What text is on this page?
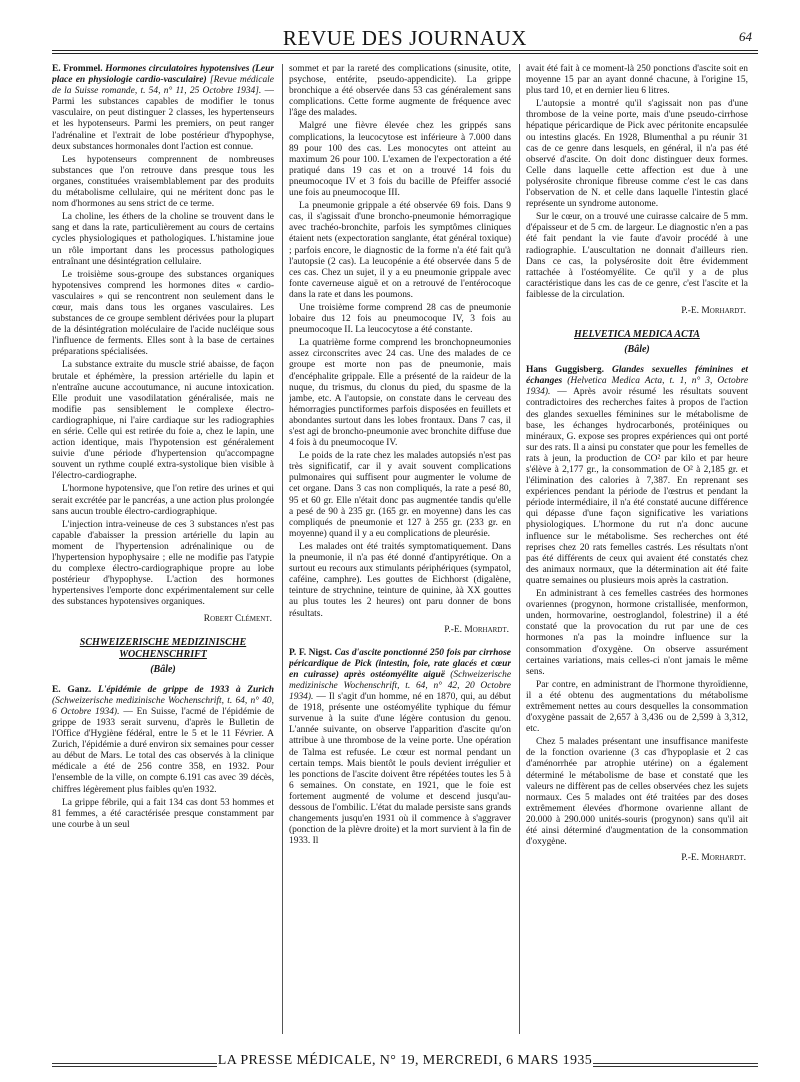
REVUE DES JOURNAUX	64

E. Frommel. Hormones circulatoires hypotensives (Leur place en physiologie cardio-vasculaire) [Revue médicale de la Suisse romande, t. 54, n° 11, 25 Octobre 1934]. — Parmi les substances capables de modifier le tonus vasculaire, on peut distinguer 2 classes, les hypertenseurs et les hypotenseurs. Parmi les premiers, on peut ranger l'adrénaline et l'extrait de lobe postérieur d'hypophyse, deux substances hormonales dont l'action est connue.

Les hypotenseurs comprennent de nombreuses substances que l'on retrouve dans presque tous les organes, constituées vraisemblablement par des produits du métabolisme cellulaire, qui ne méritent donc pas le nom d'hormones au sens strict de ce terme.

La choline, les éthers de la choline se trouvent dans le sang et dans la rate, particulièrement au cours de certains cycles physiologiques et pathologiques. L'histamine joue un rôle important dans les processus pathologiques entraînant une désintégration cellulaire.

Le troisième sous-groupe des substances organiques hypotensives comprend les hormones dites « cardio-vasculaires » qui se rencontrent non seulement dans le cœur, mais dans tous les organes vasculaires. Les substances de ce groupe semblent dérivées pour la plupart de la désintégration moléculaire de l'acide nucléique sous l'influence de ferments. Elles sont à la base de certaines préparations spécialisées.

La substance extraite du muscle strié abaisse, de façon brutale et éphémère, la pression artérielle du lapin et n'entraîne aucune accoutumance, ni aucune intoxication. Elle produit une vasodilatation généralisée, mais ne modifie pas sensiblement le complexe électro-cardiographique, ni l'aire cardiaque sur les radiographies en série. Celle qui est retirée du foie a, chez le lapin, une action identique, mais l'hypotension est généralement suivie d'une période d'hypertension qu'accompagne souvent un rythme couplé extra-systolique bien visible à l'électro-cardiographe.

L'hormone hypotensive, que l'on retire des urines et qui serait excrétée par le pancréas, a une action plus prolongée sans aucun trouble électro-cardiographique.

L'injection intra-veineuse de ces 3 substances n'est pas capable d'abaisser la pression artérielle du lapin au moment de l'hypertension adrénalinique ou de l'hypertension hypophysaire ; elle ne modifie pas l'atypie du complexe électro-cardiographique propre au lobe postérieur d'hypophyse. L'action des hormones hypertensives l'emporte donc expérimentalement sur celle des substances hypotensives organiques.

Robert Clément.

SCHWEIZERISCHE MEDIZINISCHE WOCHENSCHRIFT

(Bâle)

E. Ganz. L'épidémie de grippe de 1933 à Zurich (Schweizerische medizinische Wochenschrift, t. 64, n° 40, 6 Octobre 1934). — En Suisse, l'acmé de l'épidémie de grippe de 1933 serait survenu, d'après le Bulletin de l'Office d'Hygiène fédéral, entre le 5 et le 11 Février. A Zurich, l'épidémie a duré environ six semaines pour cesser au début de Mars. Le total des cas observés à la clinique médicale a été de 256 contre 358, en 1932. Pour l'ensemble de la ville, on compte 6.191 cas avec 39 décès, chiffres légèrement plus faibles qu'en 1932.

La grippe fébrile, qui a fait 134 cas dont 53 hommes et 81 femmes, a été caractérisée presque constamment par une courbe à un seul

sommet et par la rareté des complications (sinusite, otite, psychose, entérite, pseudo-appendicite). La grippe bronchique a été observée dans 53 cas généralement sans complications. Cette forme augmente de fréquence avec l'âge des malades.

Malgré une fièvre élevée chez les grippés sans complications, la leucocytose est inférieure à 7.000 dans 89 pour 100 des cas. Les monocytes ont atteint au maximum 26 pour 100. L'examen de l'expectoration a été pratiqué dans 19 cas et on a trouvé 14 fois du pneumocoque IV et 3 fois du bacille de Pfeiffer associé une fois au pneumocoque III.

La pneumonie grippale a été observée 69 fois. Dans 9 cas, il s'agissait d'une broncho-pneumonie hémorragique avec trachéo-bronchite, parfois les symptômes cliniques étaient nets (expectoration sanglante, état général toxique) ; parfois encore, le diagnostic de la forme n'a été fait qu'à l'autopsie (2 cas). La leucopénie a été observée dans 5 de ces cas. Chez un sujet, il y a eu pneumonie grippale avec fonte caverneuse aiguë et on a retrouvé de l'entérocoque dans la rate et dans les poumons.

Une troisième forme comprend 28 cas de pneumonie lobaire dus 12 fois au pneumocoque IV, 3 fois au pneumocoque II. La leucocytose a été constante.

La quatrième forme comprend les bronchopneumonies assez circonscrites avec 24 cas. Une des malades de ce groupe est morte non pas de pneumonie, mais d'encéphalite grippale. Elle a présenté de la raideur de la nuque, du trismus, du clonus du pied, du spasme de la jambe, etc. A l'autopsie, on constate dans le cerveau des hémorragies punctiformes parfois disposées en feuillets et abondantes surtout dans les lobes frontaux. Dans 7 cas, il s'est agi de broncho-pneumonie avec bronchite diffuse due 4 fois à du pneumocoque IV.

Le poids de la rate chez les malades autopsiés n'est pas très significatif, car il y avait souvent complications pulmonaires qui suffisent pour augmenter le volume de cet organe. Dans 3 cas non compliqués, la rate a pesé 80, 95 et 60 gr. Elle n'était donc pas augmentée tandis qu'elle a pesé de 90 à 235 gr. (165 gr. en moyenne) dans les cas compliqués de pneumonie et 127 à 255 gr. (233 gr. en moyenne) quand il y a eu complications de pleurésie.

Les malades ont été traités symptomatiquement. Dans la pneumonie, il n'a pas été donné d'antipyrétique. On a surtout eu recours aux stimulants périphériques (sympatol, caféine, camphre). Les gouttes de Eichhorst (digalène, teinture de strychnine, teinture de quinine, àà XX gouttes au plus toutes les 2 heures) ont paru donner de bons résultats.

P.-E. Morhardt.

P. F. Nigst. Cas d'ascite ponctionné 250 fois par cirrhose péricardique de Pick (intestin, foie, rate glacés et cœur en cuirasse) après ostéomyélite aiguë (Schweizerische medizinische Wochenschrift, t. 64, n° 42, 20 Octobre 1934). — Il s'agit d'un homme, né en 1870, qui, au début de 1918, présente une ostéomyélite typhique du fémur survenue à la suite d'une légère contusion du genou. L'année suivante, on observe l'apparition d'ascite qu'on attribue à une thrombose de la veine porte. Une opération de Talma est refusée. Le cœur est normal pendant un certain temps. Mais bientôt le pouls devient irrégulier et les ponctions de l'ascite doivent être répétées toutes les 5 à 6 semaines. On constate, en 1921, que le foie est fortement augmenté de volume et descend jusqu'au-dessous de l'ombilic. L'état du malade persiste sans grands changements jusqu'en 1931 où il commence à s'aggraver (ponction de la plèvre droite) et la mort survient à la fin de 1933. Il

avait été fait à ce moment-là 250 ponctions d'ascite soit en moyenne 15 par an ayant donné chacune, à l'origine 15, plus tard 10, et en dernier lieu 6 litres.

L'autopsie a montré qu'il s'agissait non pas d'une thrombose de la veine porte, mais d'une pseudo-cirrhose hépatique péricardique de Pick avec péritonite encapsulée ou intestins glacés. En 1928, Blumenthal a pu réunir 31 cas de ce genre dans lesquels, en général, il n'a pas été observé d'ascite. On doit donc distinguer deux formes. Celle dans laquelle cette affection est due à une polysérosite chronique fibreuse comme c'est le cas dans l'observation de N. et celle dans laquelle l'intestin glacé représente un syndrome autonome.

Sur le cœur, on a trouvé une cuirasse calcaire de 5 mm. d'épaisseur et de 5 cm. de largeur. Le diagnostic n'en a pas été fait pendant la vie faute d'avoir procédé à une radiographie. L'auscultation ne donnait d'ailleurs rien. Dans ce cas, la polysérosite doit être évidemment rattachée à l'ostéomyélite. Ce qu'il y a de plus caractéristique dans les cas de ce genre, c'est l'ascite et la faiblesse de la circulation.

P.-E. Morhardt.

HELVETICA MEDICA ACTA

(Bâle)

Hans Guggisberg. Glandes sexuelles féminines et échanges (Helvetica Medica Acta, t. 1, n° 3, Octobre 1934). — Après avoir résumé les résultats souvent contradictoires des recherches faites à propos de l'action des glandes sexuelles féminines sur le métabolisme de base, les échanges hydrocarbonés, protéiniques ou minéraux, G. expose ses propres expériences qui ont porté sur des rats. Il a ainsi pu constater que pour les femelles de rats à jeun, la production de CO² par kilo et par heure s'élève à 2,177 gr., la consommation de O² à 2,185 gr. et l'élimination des calories à 7,387. En reprenant ses expériences pendant la période de l'œstrus et pendant la période intermédiaire, il n'a été constaté aucune différence qui dépasse d'une façon significative les variations physiologiques. L'hormone du rut n'a donc aucune influence sur le métabolisme. Ses recherches ont été reprises chez 20 rats femelles castrés. Les résultats n'ont pas été différents de ceux qui avaient été constatés chez des animaux normaux, que la détermination ait été faite quatre semaines ou plusieurs mois après la castration.

En administrant à ces femelles castrées des hormones ovariennes (progynon, hormone cristallisée, menformon, unden, hormovarine, oestroglandol, folestrine) il a été constaté que la provocation du rut par une de ces hormones n'a pas la moindre influence sur la consommation d'oxygène. On observe assurément certaines variations, mais celles-ci n'ont jamais le même sens.

Par contre, en administrant de l'hormone thyroïdienne, il a été obtenu des augmentations du métabolisme extrêmement nettes au cours desquelles la consommation d'oxygène passait de 2,657 à 3,436 ou de 2,599 à 3,312, etc.

Chez 5 malades présentant une insuffisance manifeste de la fonction ovarienne (3 cas d'hypoplasie et 2 cas d'aménorrhée par atrophie utérine) on a également déterminé le métabolisme de base et constaté que les valeurs ne diffèrent pas de celles observées chez les sujets normaux. Ces 5 malades ont été traitées par des doses extrêmement élevées d'hormone ovarienne allant de 20.000 à 290.000 unités-souris (progynon) sans qu'il ait été ainsi déterminé d'augmentation de la consommation d'oxygène.

P.-E. Morhardt.

LA PRESSE MÉDICALE, N° 19, MERCREDI, 6 MARS 1935
